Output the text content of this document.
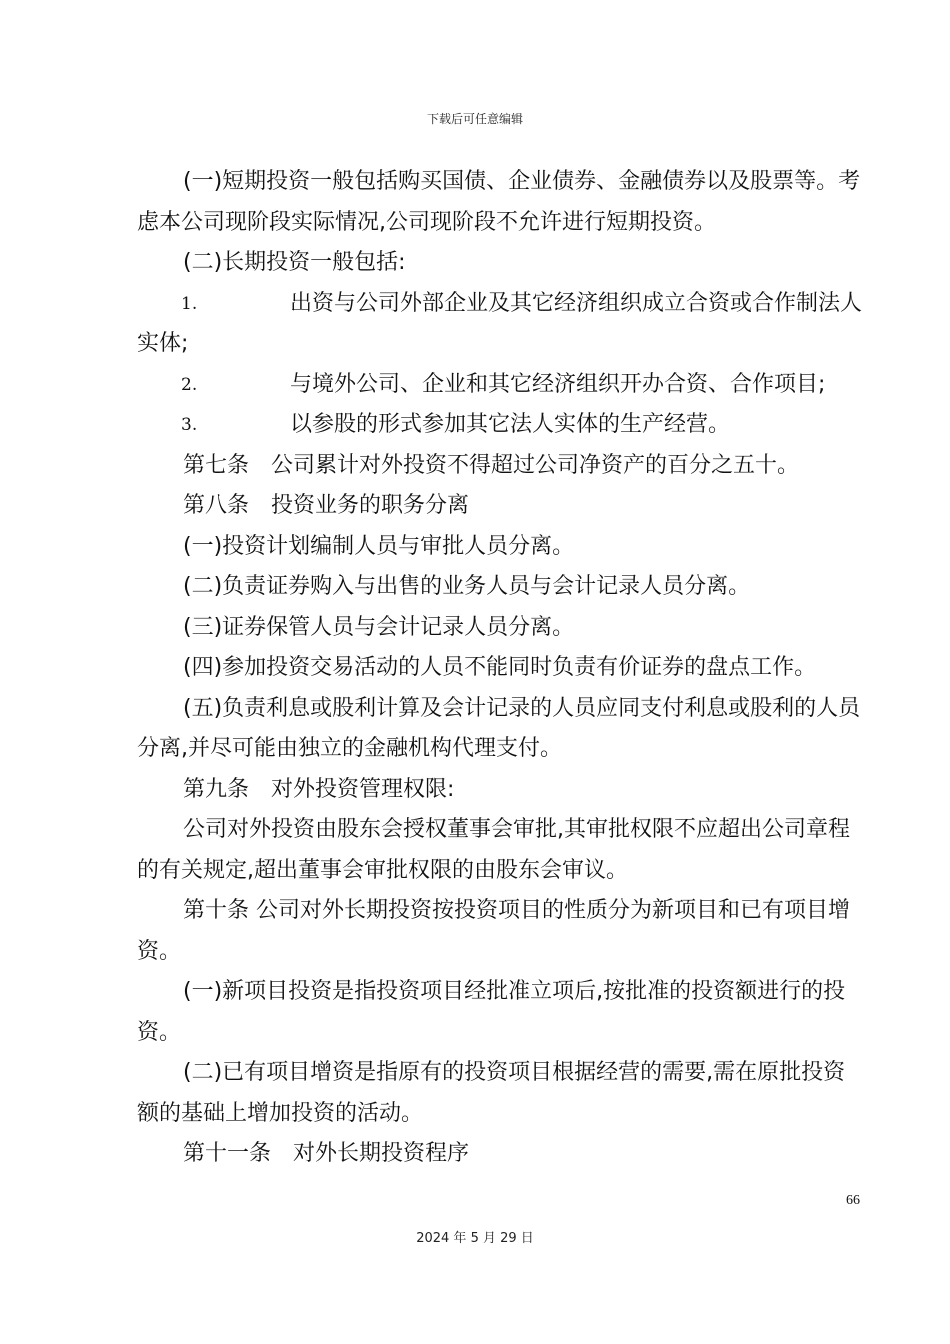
下载后可任意编辑

(一)短期投资一般包括购买国债、企业债券、金融债券以及股票等。考虑本公司现阶段实际情况,公司现阶段不允许进行短期投资。

(二)长期投资一般包括:

1.	出资与公司外部企业及其它经济组织成立合资或合作制法人实体;

2.	与境外公司、企业和其它经济组织开办合资、合作项目;

3.	以参股的形式参加其它法人实体的生产经营。

第七条　公司累计对外投资不得超过公司净资产的百分之五十。

第八条　投资业务的职务分离

(一)投资计划编制人员与审批人员分离。

(二)负责证券购入与出售的业务人员与会计记录人员分离。

(三)证券保管人员与会计记录人员分离。

(四)参加投资交易活动的人员不能同时负责有价证券的盘点工作。

(五)负责利息或股利计算及会计记录的人员应同支付利息或股利的人员分离,并尽可能由独立的金融机构代理支付。

第九条　对外投资管理权限:

公司对外投资由股东会授权董事会审批,其审批权限不应超出公司章程的有关规定,超出董事会审批权限的由股东会审议。

第十条 公司对外长期投资按投资项目的性质分为新项目和已有项目增资。

(一)新项目投资是指投资项目经批准立项后,按批准的投资额进行的投资。

(二)已有项目增资是指原有的投资项目根据经营的需要,需在原批投资额的基础上增加投资的活动。

第十一条　对外长期投资程序

66
2024 年 5 月 29 日
